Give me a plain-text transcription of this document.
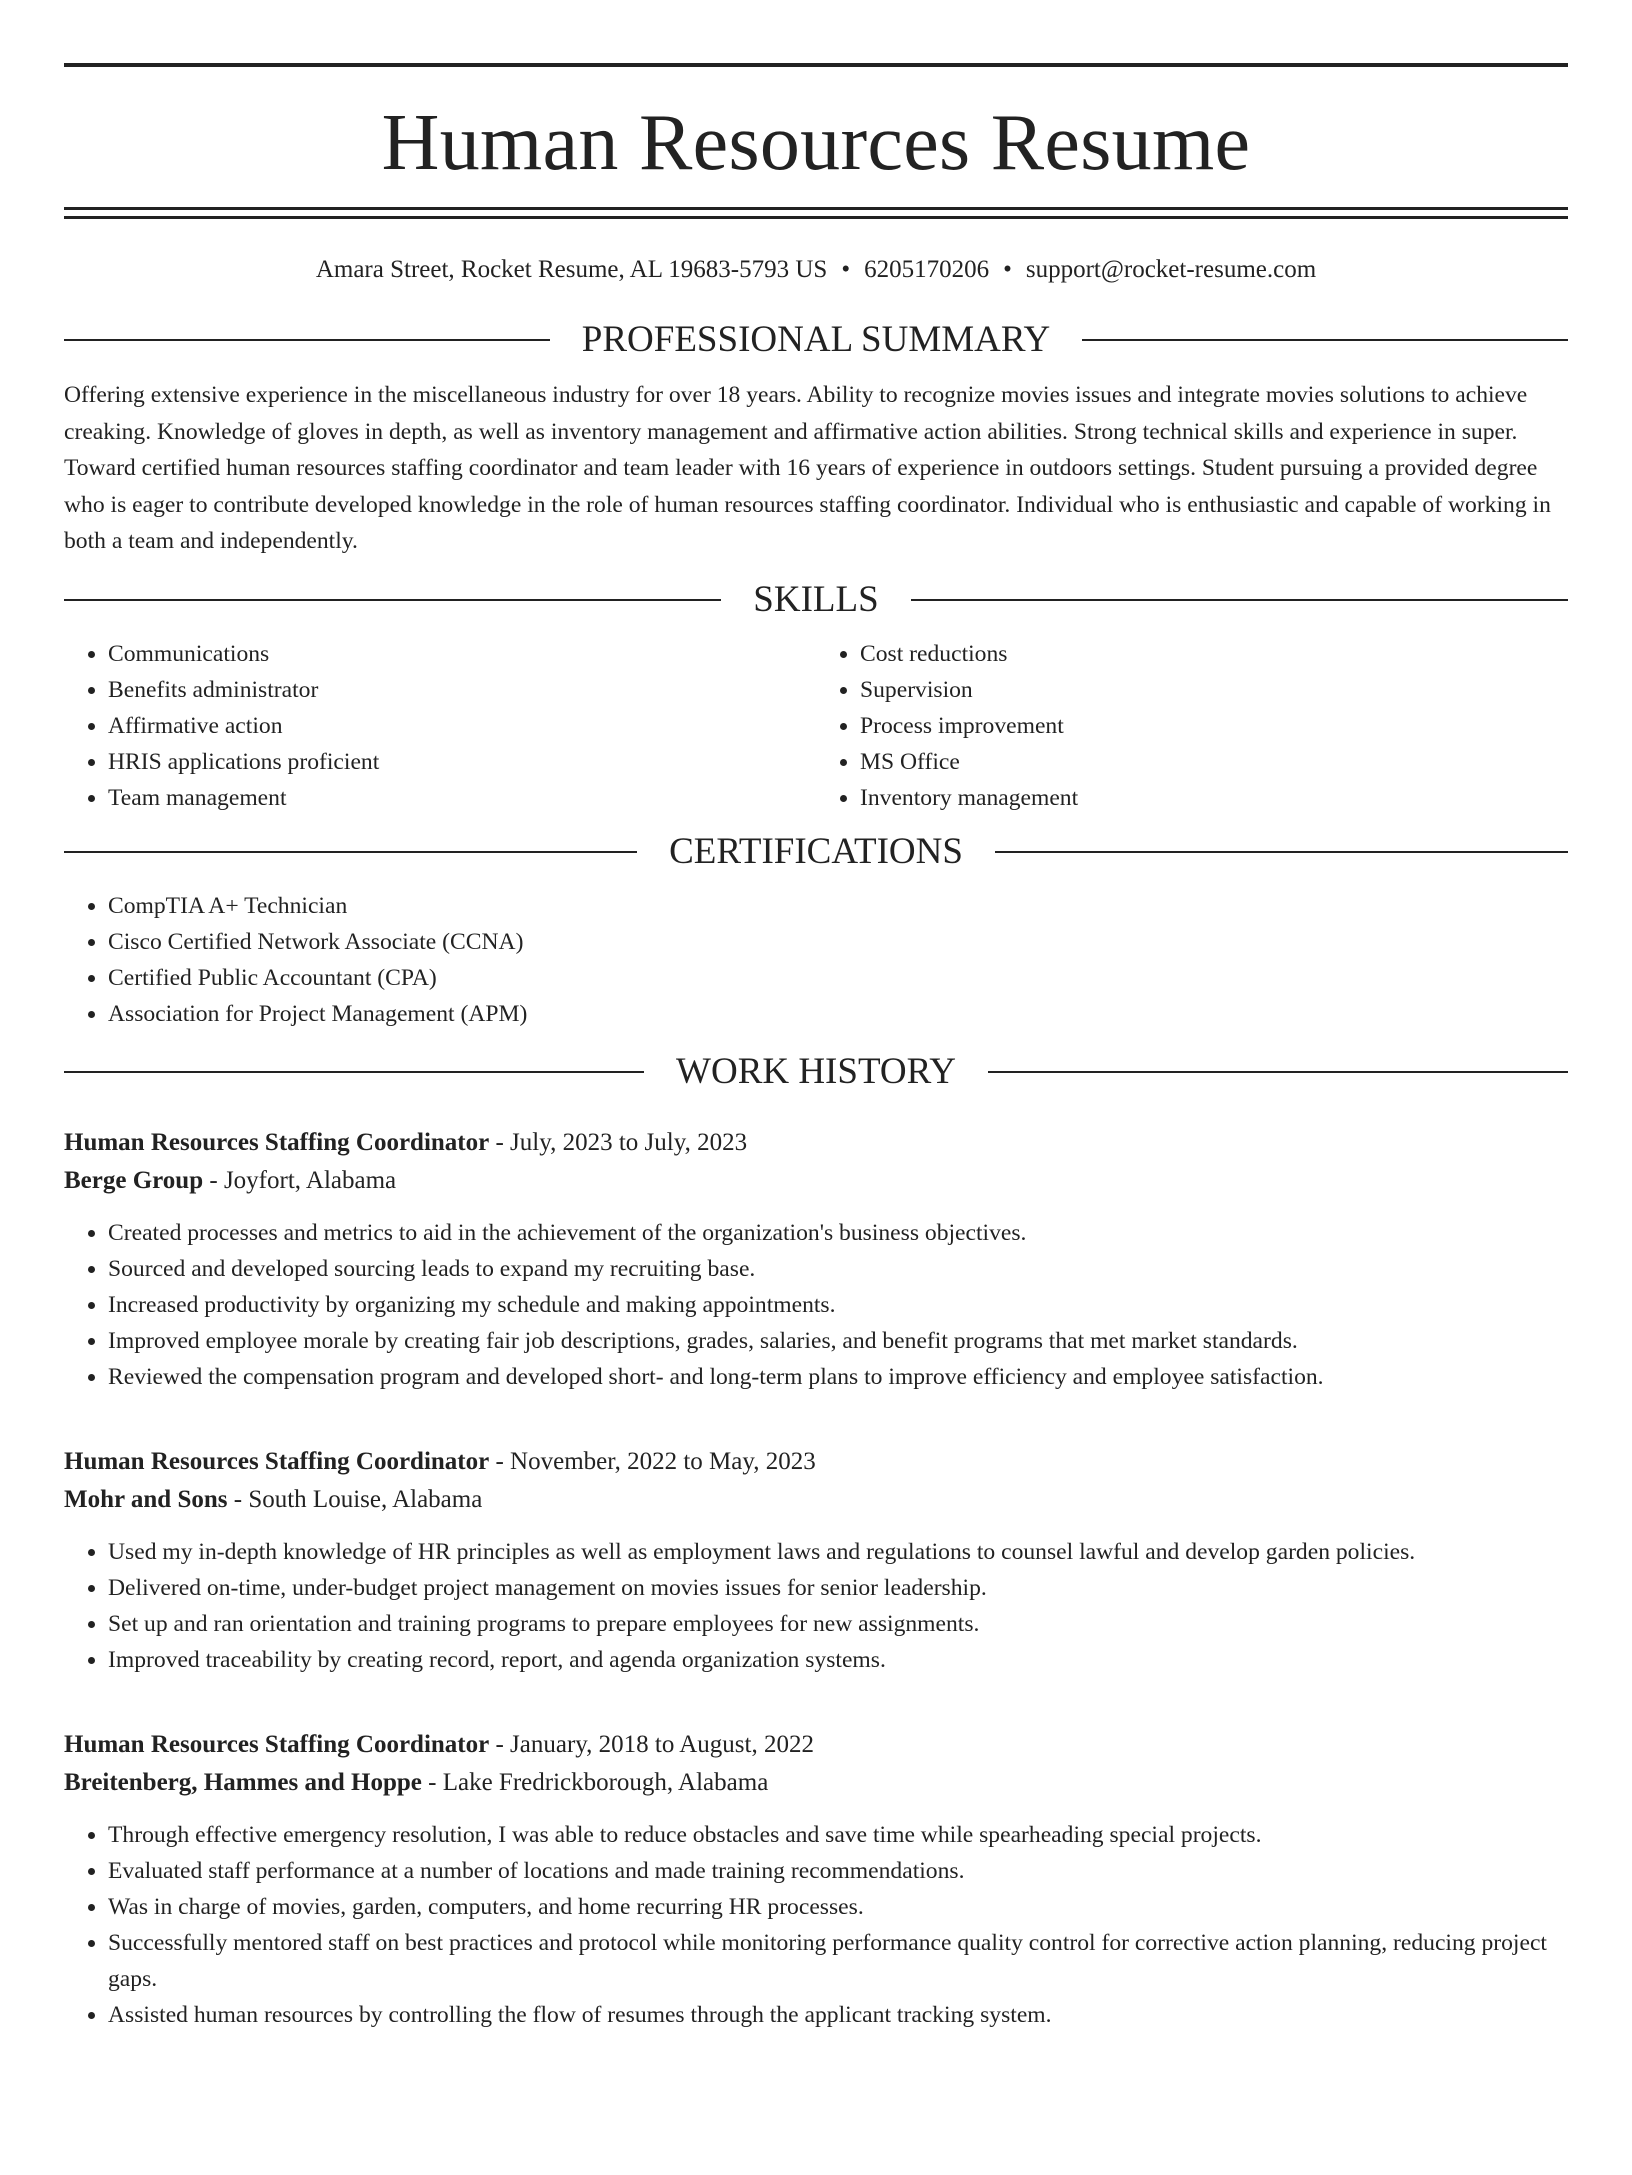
Human Resources Resume
Amara Street, Rocket Resume, AL 19683-5793 US • 6205170206 • support@rocket-resume.com
PROFESSIONAL SUMMARY

Offering extensive experience in the miscellaneous industry for over 18 years. Ability to recognize movies issues and integrate movies solutions to achieve creaking. Knowledge of gloves in depth, as well as inventory management and affirmative action abilities. Strong technical skills and experience in super. Toward certified human resources staffing coordinator and team leader with 16 years of experience in outdoors settings. Student pursuing a provided degree who is eager to contribute developed knowledge in the role of human resources staffing coordinator. Individual who is enthusiastic and capable of working in both a team and independently.

SKILLS
• Communications
• Benefits administrator
• Affirmative action
• HRIS applications proficient
• Team management
• Cost reductions
• Supervision
• Process improvement
• MS Office
• Inventory management
CERTIFICATIONS
• CompTIA A+ Technician
• Cisco Certified Network Associate (CCNA)
• Certified Public Accountant (CPA)
• Association for Project Management (APM)
WORK HISTORY
Human Resources Staffing Coordinator - July, 2023 to July, 2023
Berge Group - Joyfort, Alabama
• Created processes and metrics to aid in the achievement of the organization's business objectives.
• Sourced and developed sourcing leads to expand my recruiting base.
• Increased productivity by organizing my schedule and making appointments.
• Improved employee morale by creating fair job descriptions, grades, salaries, and benefit programs that met market standards.
• Reviewed the compensation program and developed short- and long-term plans to improve efficiency and employee satisfaction.
Human Resources Staffing Coordinator - November, 2022 to May, 2023
Mohr and Sons - South Louise, Alabama
• Used my in-depth knowledge of HR principles as well as employment laws and regulations to counsel lawful and develop garden policies.
• Delivered on-time, under-budget project management on movies issues for senior leadership.
• Set up and ran orientation and training programs to prepare employees for new assignments.
• Improved traceability by creating record, report, and agenda organization systems.
Human Resources Staffing Coordinator - January, 2018 to August, 2022
Breitenberg, Hammes and Hoppe - Lake Fredrickborough, Alabama
• Through effective emergency resolution, I was able to reduce obstacles and save time while spearheading special projects.
• Evaluated staff performance at a number of locations and made training recommendations.
• Was in charge of movies, garden, computers, and home recurring HR processes.
• Successfully mentored staff on best practices and protocol while monitoring performance quality control for corrective action planning, reducing project gaps.
• Assisted human resources by controlling the flow of resumes through the applicant tracking system.
